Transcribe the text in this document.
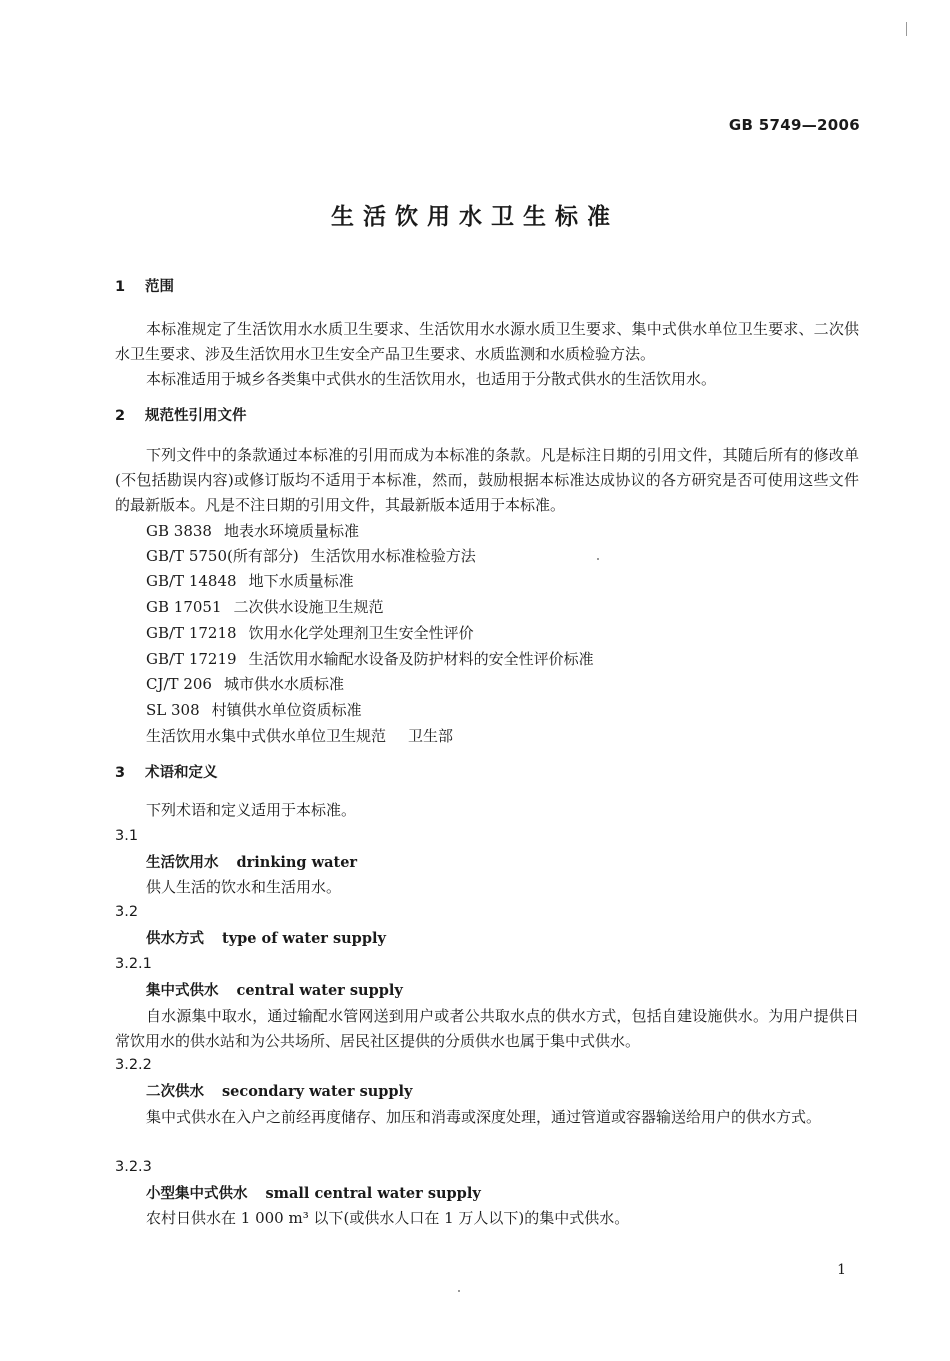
GB 5749—2006
生活饮用水卫生标准
1 范围
本标准规定了生活饮用水水质卫生要求、生活饮用水水源水质卫生要求、集中式供水单位卫生要求、二次供水卫生要求、涉及生活饮用水卫生安全产品卫生要求、水质监测和水质检验方法。
本标准适用于城乡各类集中式供水的生活饮用水，也适用于分散式供水的生活饮用水。
2 规范性引用文件
下列文件中的条款通过本标准的引用而成为本标准的条款。凡是标注日期的引用文件，其随后所有的修改单(不包括勘误内容)或修订版均不适用于本标准，然而，鼓励根据本标准达成协议的各方研究是否可使用这些文件的最新版本。凡是不注日期的引用文件，其最新版本适用于本标准。
GB 3838 地表水环境质量标准
GB/T 5750(所有部分) 生活饮用水标准检验方法
GB/T 14848 地下水质量标准
GB 17051 二次供水设施卫生规范
GB/T 17218 饮用水化学处理剂卫生安全性评价
GB/T 17219 生活饮用水输配水设备及防护材料的安全性评价标准
CJ/T 206 城市供水水质标准
SL 308 村镇供水单位资质标准
生活饮用水集中式供水单位卫生规范 卫生部
3 术语和定义
下列术语和定义适用于本标准。
3.1
生活饮用水 drinking water
供人生活的饮水和生活用水。
3.2
供水方式 type of water supply
3.2.1
集中式供水 central water supply
自水源集中取水，通过输配水管网送到用户或者公共取水点的供水方式，包括自建设施供水。为用户提供日常饮用水的供水站和为公共场所、居民社区提供的分质供水也属于集中式供水。
3.2.2
二次供水 secondary water supply
集中式供水在入户之前经再度储存、加压和消毒或深度处理，通过管道或容器输送给用户的供水方式。
3.2.3
小型集中式供水 small central water supply
农村日供水在 1 000 m³ 以下(或供水人口在 1 万人以下)的集中式供水。
1
